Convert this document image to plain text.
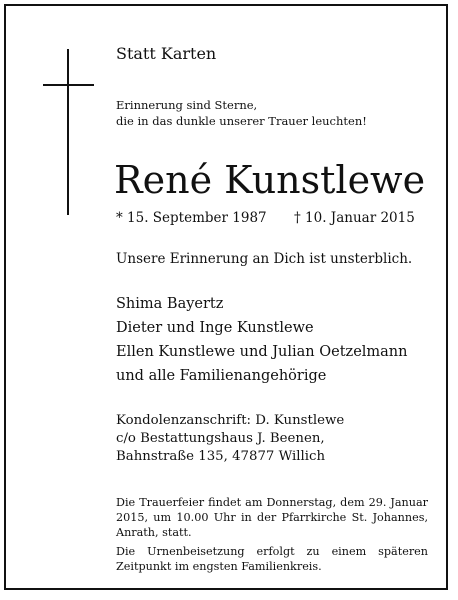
Statt Karten
Erinnerung sind Sterne,
die in das dunkle unserer Trauer leuchten!
René Kunstlewe
* 15. September 1987 † 10. Januar 2015
Unsere Erinnerung an Dich ist unsterblich.
Shima Bayertz
Dieter und Inge Kunstlewe
Ellen Kunstlewe und Julian Oetzelmann
und alle Familienangehörige
Kondolenzanschrift: D. Kunstlewe
c/o Bestattungshaus J. Beenen,
Bahnstraße 135, 47877 Willich
Die Trauerfeier findet am Donnerstag, dem 29. Januar 2015, um 10.00 Uhr in der Pfarrkirche St. Johannes, Anrath, statt.
Die Urnenbeisetzung erfolgt zu einem späteren Zeitpunkt im engsten Familienkreis.
